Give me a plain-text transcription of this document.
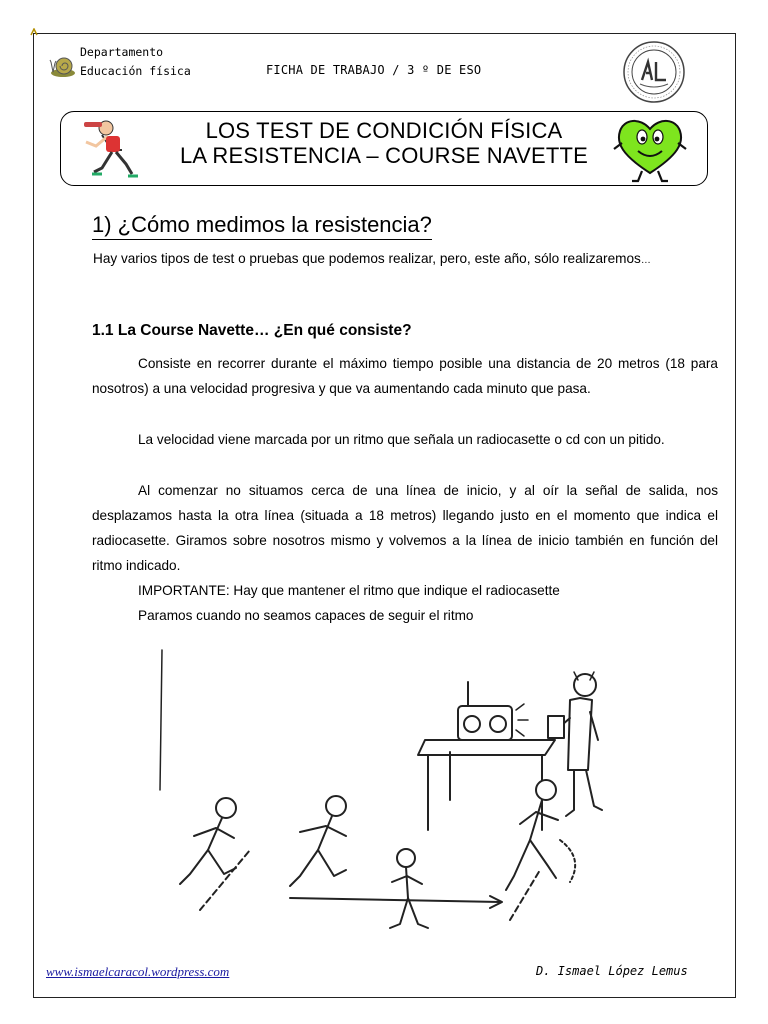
Departamento
Educación física	FICHA DE TRABAJO / 3 º DE ESO
LOS TEST DE CONDICIÓN FÍSICA
LA RESISTENCIA – COURSE NAVETTE
1) ¿Cómo medimos la resistencia?
Hay varios tipos de test o pruebas que podemos realizar, pero, este año, sólo realizaremos…
1.1 La Course Navette… ¿En qué consiste?
Consiste en recorrer durante el máximo tiempo posible una distancia de 20 metros (18 para nosotros) a una velocidad progresiva y que va aumentando cada minuto que pasa.
La velocidad viene marcada por un ritmo que señala un radiocasette o cd con un pitido.
Al comenzar no situamos cerca de una línea de inicio, y al oír la señal de salida, nos desplazamos hasta la otra línea (situada a 18 metros) llegando justo en el momento que indica el radiocasette. Giramos sobre nosotros mismo y volvemos a la línea de inicio también en función del ritmo indicado.
IMPORTANTE: Hay que mantener el ritmo que indique el radiocasette
Paramos cuando no seamos capaces de seguir el ritmo
www.ismaelcaracol.wordpress.com	D. Ismael López Lemus
